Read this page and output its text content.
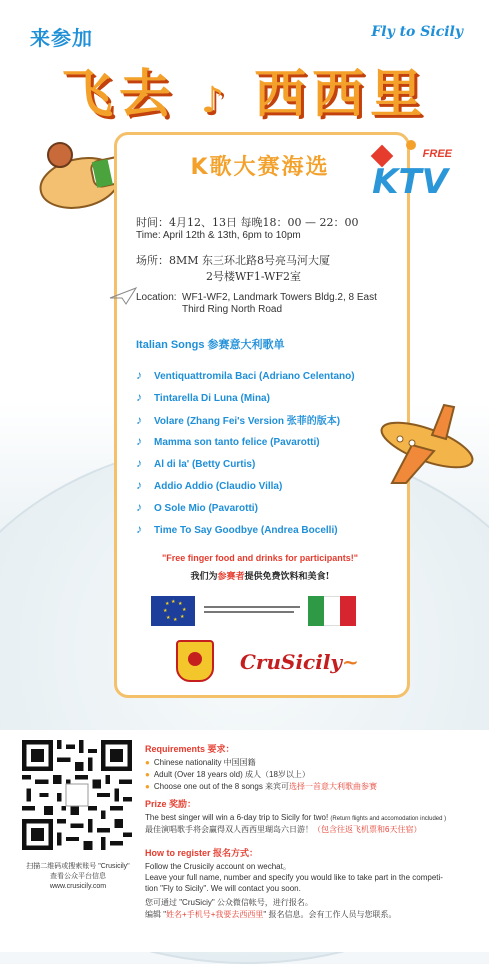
来参加	Fly to Sicily
飞去 ♪ 西西里
K歌大赛海选
FREE
KTV
时间：4月12、13日 每晚18：00 — 22：00
Time: April 12th & 13th, 6pm to 10pm
场所：8MM 东三环北路8号亮马河大厦
2号楼WF1-WF2室
Location: WF1-WF2, Landmark Towers Bldg.2, 8 East
Third Ring North Road
Italian Songs 参赛意大利歌单
♪ Ventiquattromila Baci (Adriano Celentano)
♪ Tintarella Di Luna (Mina)
♪ Volare (Zhang Fei's Version 张菲的版本)
♪ Mamma son tanto felice (Pavarotti)
♪ Al di la' (Betty Curtis)
♪ Addio Addio (Claudio Villa)
♪ O Sole Mio (Pavarotti)
♪ Time To Say Goodbye (Andrea Bocelli)
"Free finger food and drinks for participants!"
我们为参赛者提供免费饮料和美食!
★ ★
★
★
★
★
★
★
CruSicily~
扫描二维码或搜索账号 "Crusicily"
查看公众平台信息
www.crusicily.com
Requirements 要求：
● Chinese nationality 中国国籍
● Adult (Over 18 years old) 成人（18岁以上）
● Choose one out of the 8 songs 来宾可选择一首意大利歌曲参赛
Prize 奖励：
The best singer will win a 6-day trip to Sicily for two! (Return flights and accomodation included )
最佳演唱歌手将会赢得双人西西里瑚岛六日游！（包含往返飞机票和6天住宿）
How to register 报名方式：
Follow the Crusicily account on wechat。
Leave your full name, number and specify you would like to take part in the competi-
tion "Fly to Sicily". We will contact you soon.
您可通过 "CruSiciy" 公众微信帐号，进行报名。
编辑 "姓名+手机号+我要去西西里" 报名信息。会有工作人员与您联系。
